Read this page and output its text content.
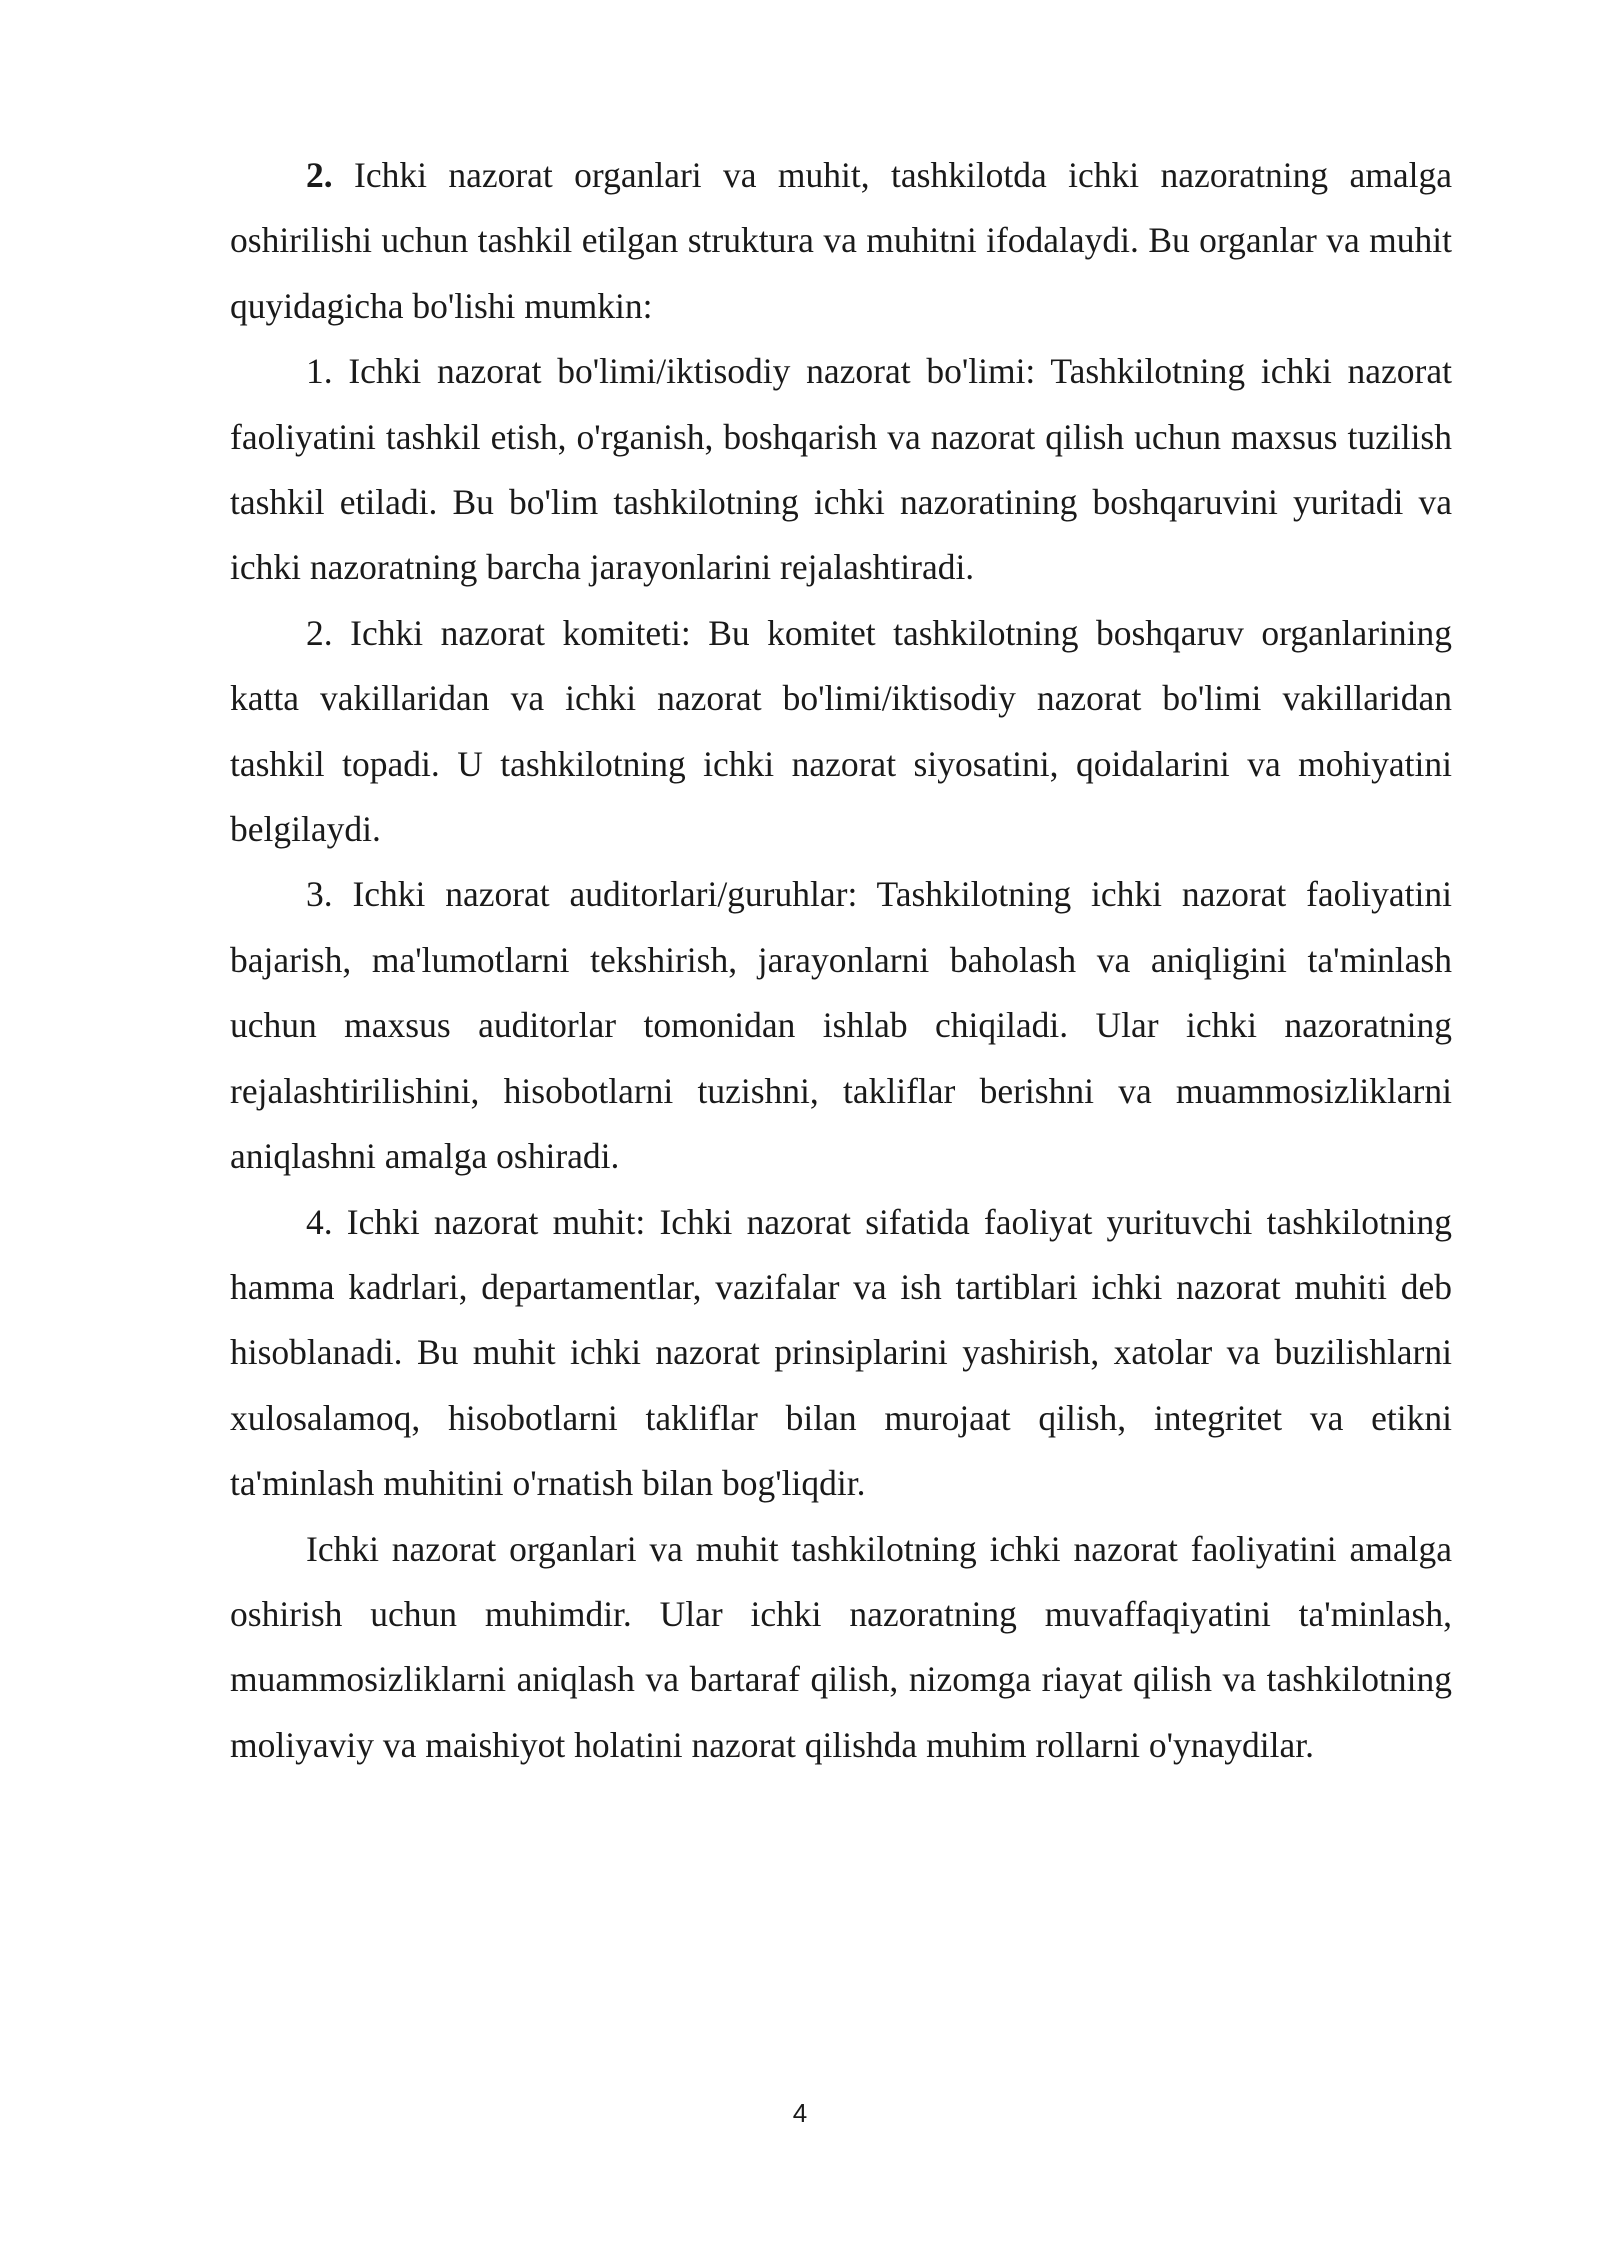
2. Ichki nazorat organlari va muhit, tashkilotda ichki nazoratning amalga oshirilishi uchun tashkil etilgan struktura va muhitni ifodalaydi. Bu organlar va muhit quyidagicha bo'lishi mumkin:

1. Ichki nazorat bo'limi/iktisodiy nazorat bo'limi: Tashkilotning ichki nazorat faoliyatini tashkil etish, o'rganish, boshqarish va nazorat qilish uchun maxsus tuzilish tashkil etiladi. Bu bo'lim tashkilotning ichki nazoratining boshqaruvini yuritadi va ichki nazoratning barcha jarayonlarini rejalashtiradi.

2. Ichki nazorat komiteti: Bu komitet tashkilotning boshqaruv organlarining katta vakillaridan va ichki nazorat bo'limi/iktisodiy nazorat bo'limi vakillaridan tashkil topadi. U tashkilotning ichki nazorat siyosatini, qoidalarini va mohiyatini belgilaydi.

3. Ichki nazorat auditorlari/guruhlar: Tashkilotning ichki nazorat faoliyatini bajarish, ma'lumotlarni tekshirish, jarayonlarni baholash va aniqligini ta'minlash uchun maxsus auditorlar tomonidan ishlab chiqiladi. Ular ichki nazoratning rejalashtirilishini, hisobotlarni tuzishni, takliflar berishni va muammosizliklarni aniqlashni amalga oshiradi.

4. Ichki nazorat muhit: Ichki nazorat sifatida faoliyat yurituvchi tashkilotning hamma kadrlari, departamentlar, vazifalar va ish tartiblari ichki nazorat muhiti deb hisoblanadi. Bu muhit ichki nazorat prinsiplarini yashirish, xatolar va buzilishlarni xulosalamoq, hisobotlarni takliflar bilan murojaat qilish, integritet va etikni ta'minlash muhitini o'rnatish bilan bog'liqdir.

Ichki nazorat organlari va muhit tashkilotning ichki nazorat faoliyatini amalga oshirish uchun muhimdir. Ular ichki nazoratning muvaffaqiyatini ta'minlash, muammosizliklarni aniqlash va bartaraf qilish, nizomga riayat qilish va tashkilotning moliyaviy va maishiyot holatini nazorat qilishda muhim rollarni o'ynaydilar.

4
